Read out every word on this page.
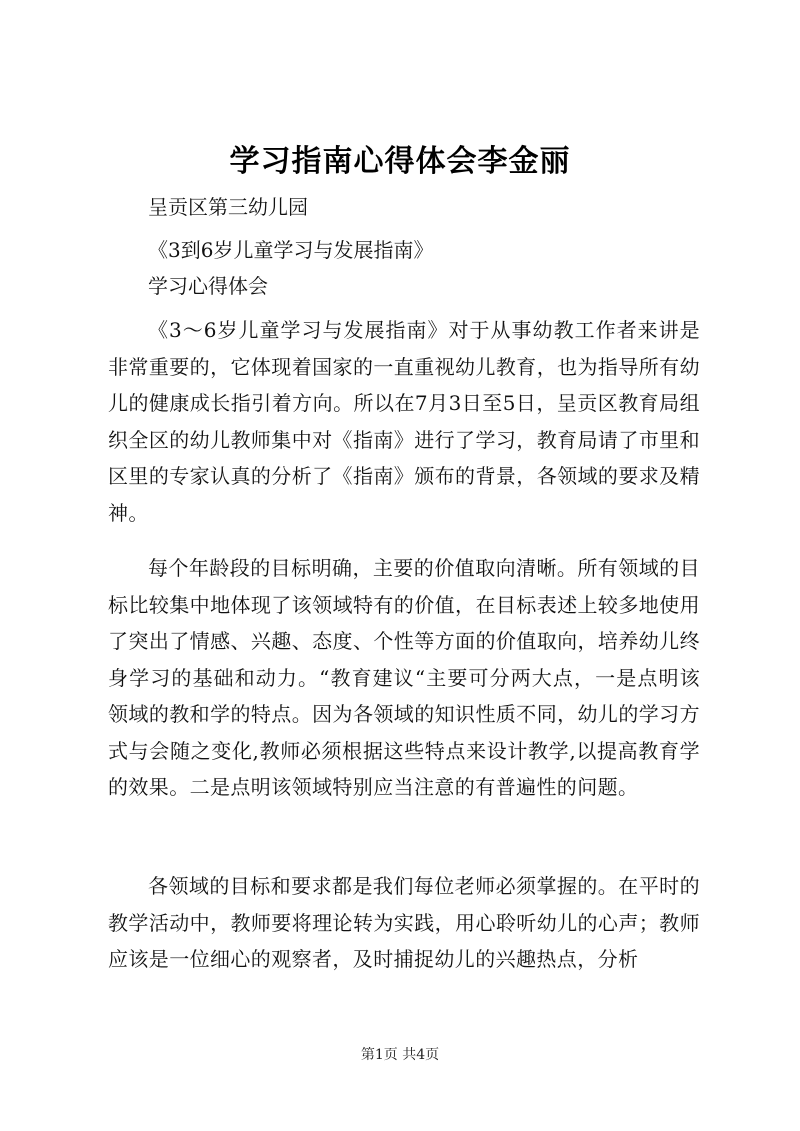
学习指南心得体会李金丽
呈贡区第三幼儿园
《3到6岁儿童学习与发展指南》
学习心得体会
《3～6岁儿童学习与发展指南》对于从事幼教工作者来讲是非常重要的，它体现着国家的一直重视幼儿教育，也为指导所有幼儿的健康成长指引着方向。所以在7月3日至5日，呈贡区教育局组织全区的幼儿教师集中对《指南》进行了学习，教育局请了市里和区里的专家认真的分析了《指南》颁布的背景，各领域的要求及精神。
每个年龄段的目标明确，主要的价值取向清晰。所有领域的目标比较集中地体现了该领域特有的价值，在目标表述上较多地使用了突出了情感、兴趣、态度、个性等方面的价值取向，培养幼儿终身学习的基础和动力。“教育建议“主要可分两大点，一是点明该领域的教和学的特点。因为各领域的知识性质不同，幼儿的学习方式与会随之变化,教师必须根据这些特点来设计教学,以提高教育学的效果。二是点明该领域特别应当注意的有普遍性的问题。
各领域的目标和要求都是我们每位老师必须掌握的。在平时的教学活动中，教师要将理论转为实践，用心聆听幼儿的心声；教师应该是一位细心的观察者，及时捕捉幼儿的兴趣热点，分析
第1页 共4页
